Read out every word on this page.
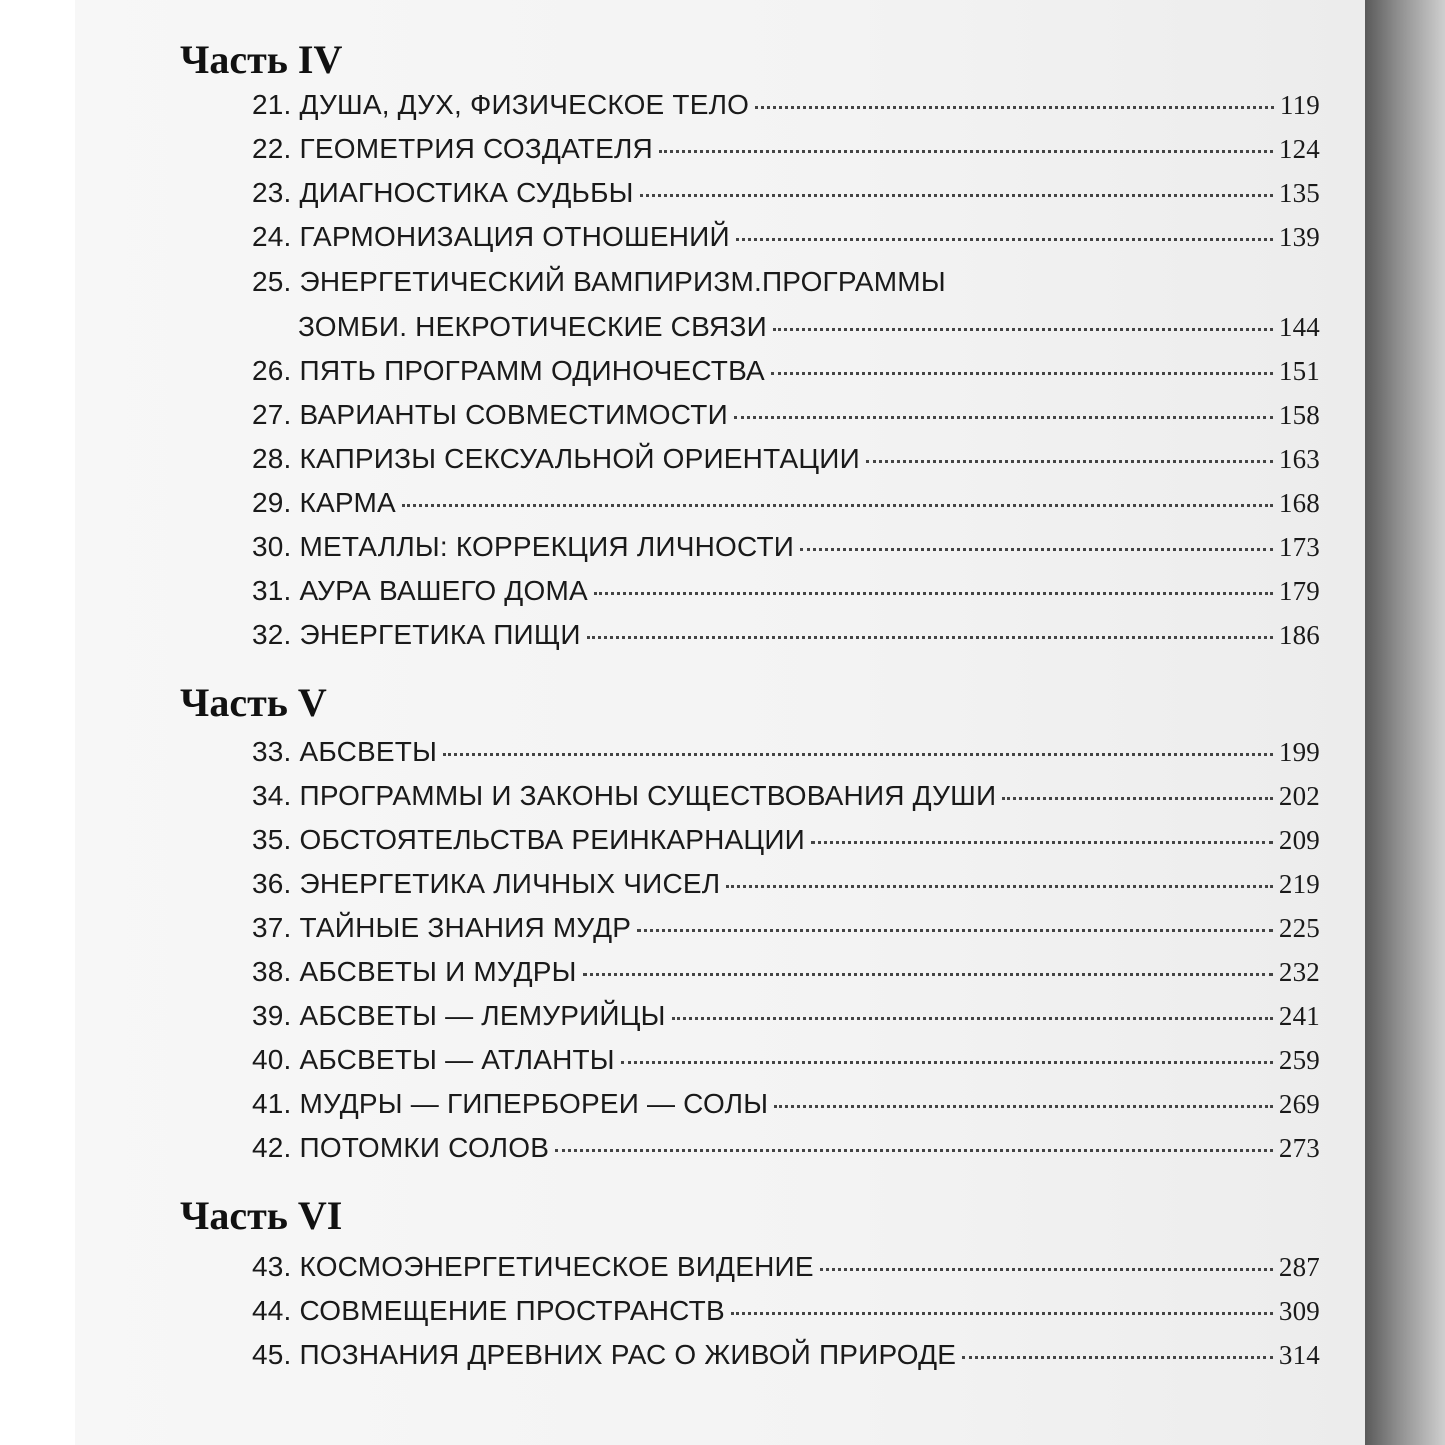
Часть IV
21. ДУША, ДУХ, ФИЗИЧЕСКОЕ ТЕЛО	119
22. ГЕОМЕТРИЯ СОЗДАТЕЛЯ	124
23. ДИАГНОСТИКА СУДЬБЫ	135
24. ГАРМОНИЗАЦИЯ ОТНОШЕНИЙ	139
25. ЭНЕРГЕТИЧЕСКИЙ ВАМПИРИЗМ.ПРОГРАММЫ
ЗОМБИ. НЕКРОТИЧЕСКИЕ СВЯЗИ	144
26. ПЯТЬ ПРОГРАММ ОДИНОЧЕСТВА	151
27. ВАРИАНТЫ СОВМЕСТИМОСТИ	158
28. КАПРИЗЫ СЕКСУАЛЬНОЙ ОРИЕНТАЦИИ	163
29. КАРМА	168
30. МЕТАЛЛЫ: КОРРЕКЦИЯ ЛИЧНОСТИ	173
31. АУРА ВАШЕГО ДОМА	179
32. ЭНЕРГЕТИКА ПИЩИ	186
Часть V
33. АБСВЕТЫ	199
34. ПРОГРАММЫ И ЗАКОНЫ СУЩЕСТВОВАНИЯ ДУШИ	202
35. ОБСТОЯТЕЛЬСТВА РЕИНКАРНАЦИИ	209
36. ЭНЕРГЕТИКА ЛИЧНЫХ ЧИСЕЛ	219
37. ТАЙНЫЕ ЗНАНИЯ МУДР	225
38. АБСВЕТЫ И МУДРЫ	232
39. АБСВЕТЫ — ЛЕМУРИЙЦЫ	241
40. АБСВЕТЫ — АТЛАНТЫ	259
41. МУДРЫ — ГИПЕРБОРЕИ — СОЛЫ	269
42. ПОТОМКИ СОЛОВ	273
Часть VI
43. КОСМОЭНЕРГЕТИЧЕСКОЕ ВИДЕНИЕ	287
44. СОВМЕЩЕНИЕ ПРОСТРАНСТВ	309
45. ПОЗНАНИЯ ДРЕВНИХ РАС О ЖИВОЙ ПРИРОДЕ	314
